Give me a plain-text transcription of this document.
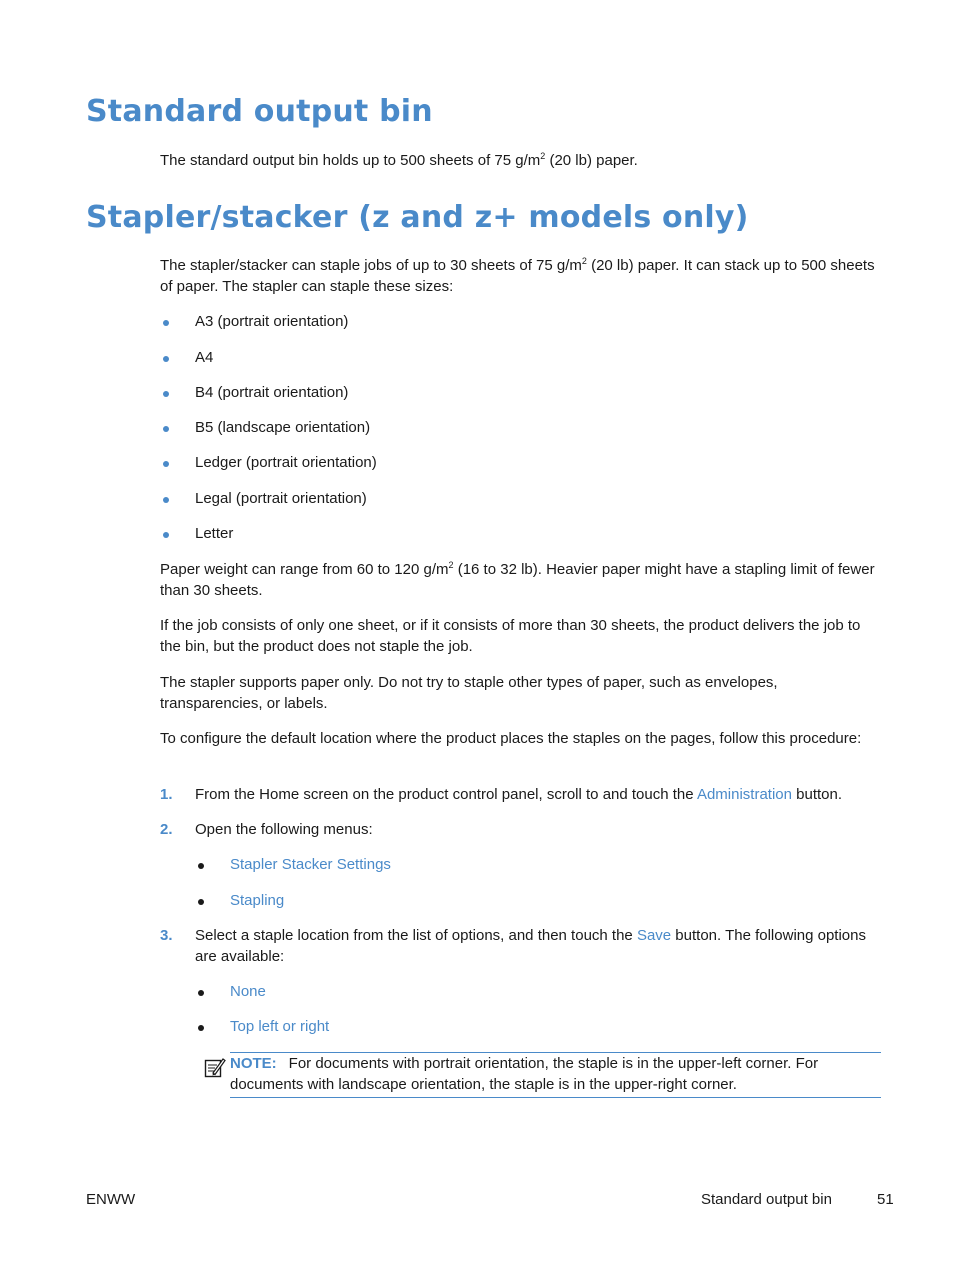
Standard output bin

The standard output bin holds up to 500 sheets of 75 $g/m^2$ (20 lb) paper.

Stapler/stacker (z and z+ models only)

The stapler/stacker can staple jobs of up to 30 sheets of 75 $g/m^2$ (20 lb) paper. It can stack up to 500 sheets of paper. The stapler can staple these sizes:

A3 (portrait orientation)
A4
B4 (portrait orientation)
B5 (landscape orientation)
Ledger (portrait orientation)
Legal (portrait orientation)
Letter

Paper weight can range from 60 to 120 $g/m^2$ (16 to 32 lb). Heavier paper might have a stapling limit of fewer than 30 sheets.

If the job consists of only one sheet, or if it consists of more than 30 sheets, the product delivers the job to the bin, but the product does not staple the job.

The stapler supports paper only. Do not try to staple other types of paper, such as envelopes, transparencies, or labels.

To configure the default location where the product places the staples on the pages, follow this procedure:

1. From the Home screen on the product control panel, scroll to and touch the Administration button.

2. Open the following menus:

Stapler Stacker Settings
Stapling
3. Select a staple location from the list of options, and then touch the Save button. The following options are available:

None
Top left or right
NOTE: For documents with portrait orientation, the staple is in the upper-left corner. For documents with landscape orientation, the staple is in the upper-right corner.
ENWW	Standard output bin	51
